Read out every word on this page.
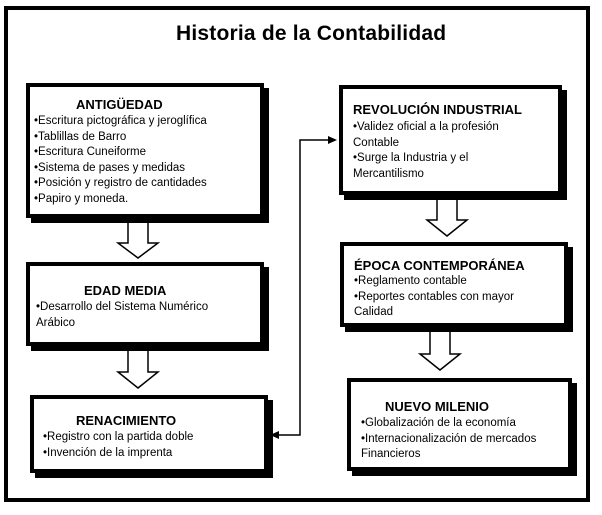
Historia de la Contabilidad
ANTIGÜEDAD
•Escritura pictográfica y jeroglífica
•Tablillas de Barro
•Escritura Cuneiforme
•Sistema de pases y medidas
•Posición y registro de cantidades
•Papiro y moneda.
EDAD MEDIA
•Desarrollo del Sistema Numérico
Arábico
RENACIMIENTO
•Registro con la partida doble
•Invención de la imprenta
REVOLUCIÓN INDUSTRIAL
•Validez oficial a la profesión
Contable
•Surge la Industria y el
Mercantilismo
ÉPOCA CONTEMPORÁNEA
•Reglamento contable
•Reportes contables con mayor
Calidad
NUEVO MILENIO
•Globalización de la economía
•Internacionalización de mercados
Financieros
